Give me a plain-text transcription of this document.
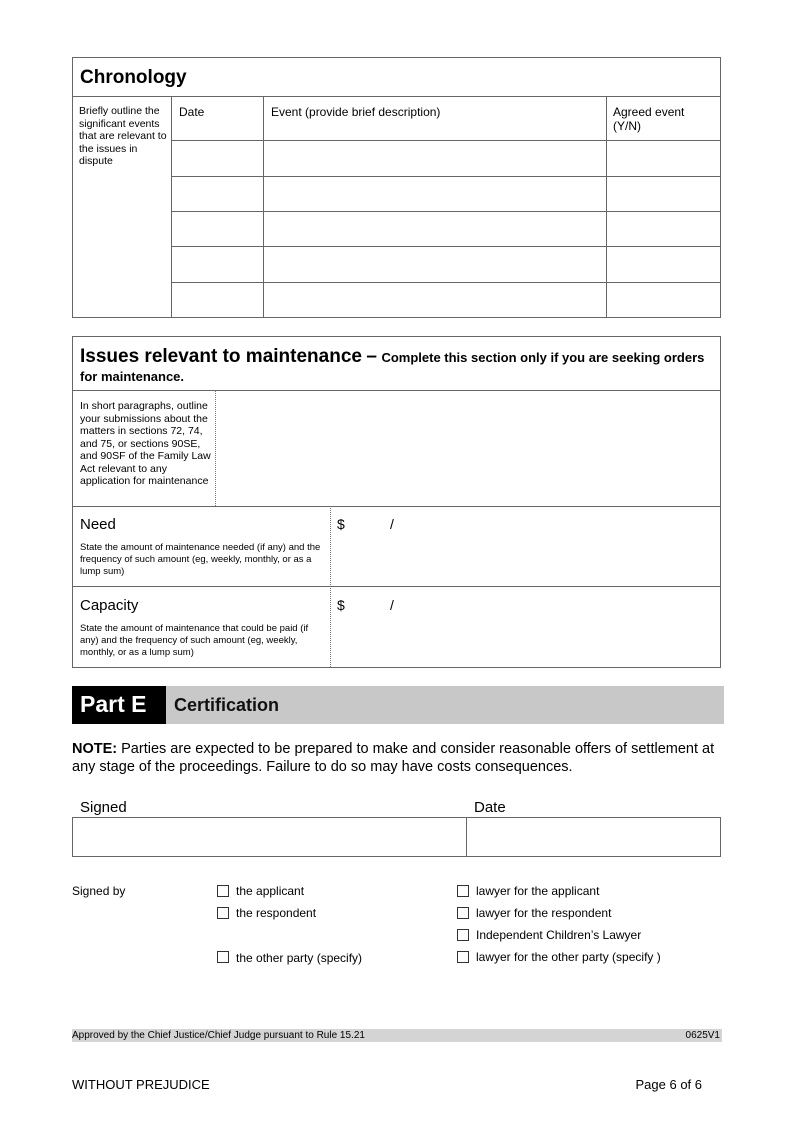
Chronology
Briefly outline the significant events that are relevant to the issues in dispute
Date	Event (provide brief description)	Agreed event (Y/N)
Issues relevant to maintenance – Complete this section only if you are seeking orders
for maintenance.
In short paragraphs, outline your submissions about the matters in sections 72, 74, and 75, or sections 90SE, and 90SF of the Family Law Act relevant to any application for maintenance
Need
State the amount of maintenance needed (if any) and the frequency of such amount (eg, weekly, monthly, or as a lump sum)
$	/
Capacity
State the amount of maintenance that could be paid (if any) and the frequency of such amount (eg, weekly, monthly, or as a lump sum)
$	/
Part E Certification
NOTE: Parties are expected to be prepared to make and consider reasonable offers of settlement at any stage of the proceedings. Failure to do so may have costs consequences.
Signed	Date
Signed by	the applicant
the respondent
the other party (specify)
lawyer for the applicant
lawyer for the respondent
Independent Children’s Lawyer
lawyer for the other party (specify )
Approved by the Chief Justice/Chief Judge pursuant to Rule 15.21	0625V1
WITHOUT PREJUDICE	Page 6 of 6
